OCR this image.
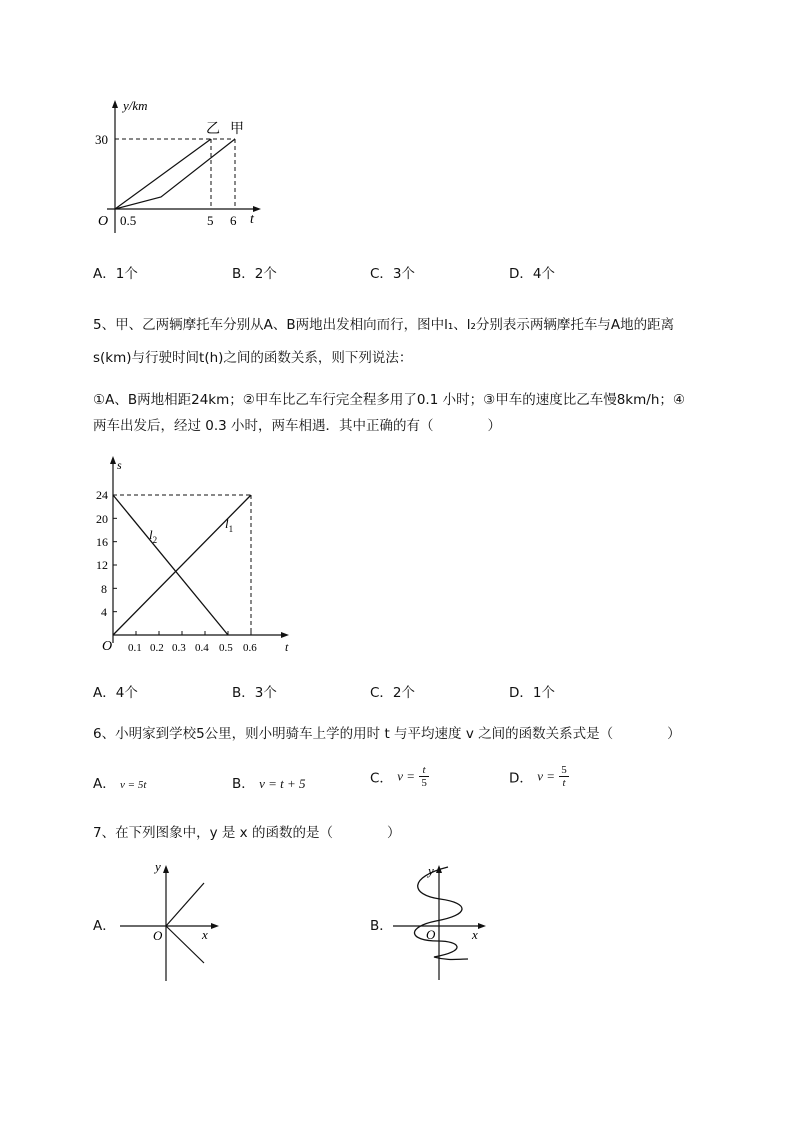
y/km
30
O 0.5	5 6 t
乙 甲
A．1个	B．2个	C．3个	D．4个
5、甲、乙两辆摩托车分别从A、B两地出发相向而行，图中l₁、l₂分别表示两辆摩托车与A地的距离
s(km)与行驶时间t(h)之间的函数关系，则下列说法：
①A、B两地相距24km；②甲车比乙车行完全程多用了0.1 小时；③甲车的速度比乙车慢8km/h；④
两车出发后，经过 0.3 小时，两车相遇．其中正确的有（　　　　）
s
24
20
16
12
8
4
O 0.1 0.2 0.3 0.4 0.5 0.6 t
$l_1$
$l_2$
A．4个	B．3个	C．2个	D．1个
6、小明家到学校5公里，则小明骑车上学的用时 t 与平均速度 v 之间的函数关系式是（　　　　）
A． v = 5t	B． v = t + 5	C． $v = \frac{t}{5}$	D． $v = \frac{5}{t}$
7、在下列图象中，y 是 x 的函数的是（　　　　）
A．
y
x
O
B．
y
x
O
